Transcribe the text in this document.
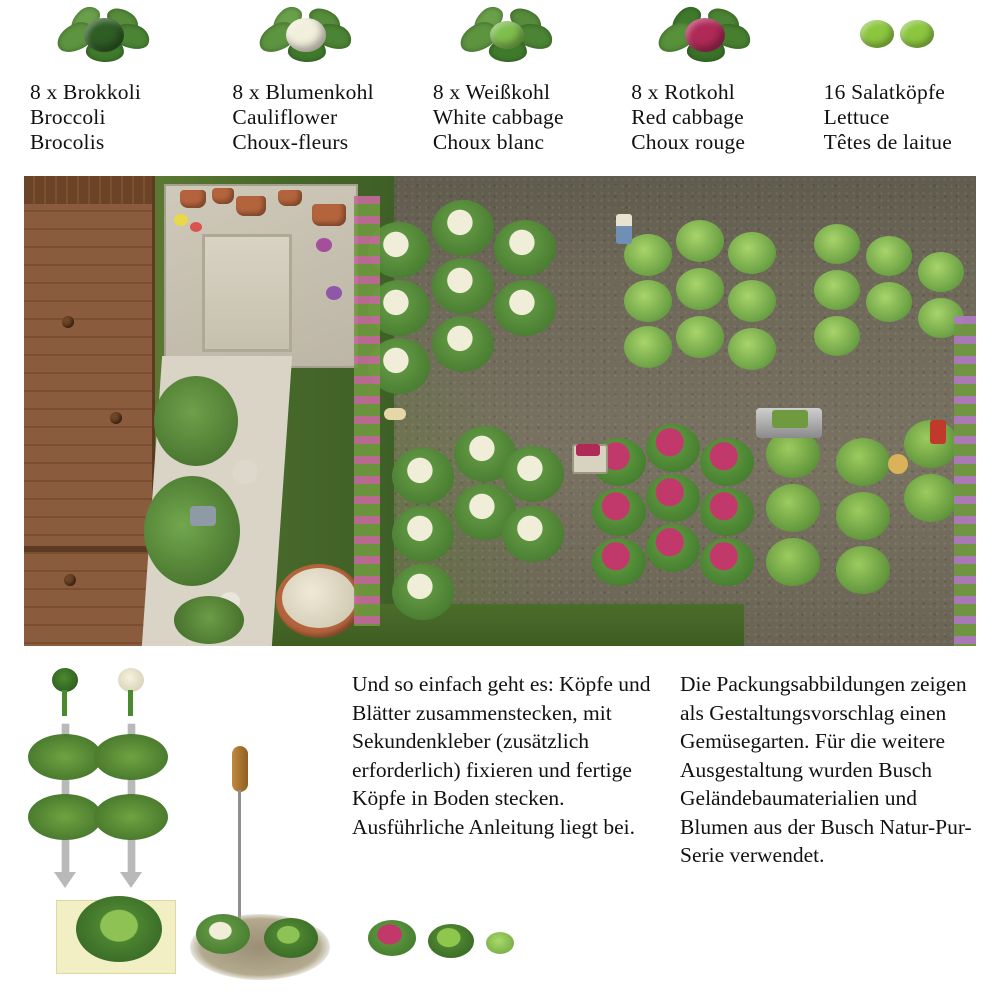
8 x Brokkoli
Broccoli
Brocolis
8 x Blumenkohl
Cauliflower
Choux-fleurs
8 x Weißkohl
White cabbage
Choux blanc
8 x Rotkohl
Red cabbage
Choux rouge
16 Salatköpfe
Lettuce
Têtes de laitue

Und so einfach geht es: Köpfe und Blätter zusammenstecken, mit Sekundenkleber (zusätzlich erforderlich) fixieren und fertige Köpfe in Boden stecken. Ausführliche Anleitung liegt bei.

Die Packungsabbildungen zeigen als Gestaltungsvorschlag einen Gemüsegarten. Für die weitere Ausgestaltung wurden Busch Geländebaumaterialien und Blumen aus der Busch Natur-Pur-Serie verwendet.
